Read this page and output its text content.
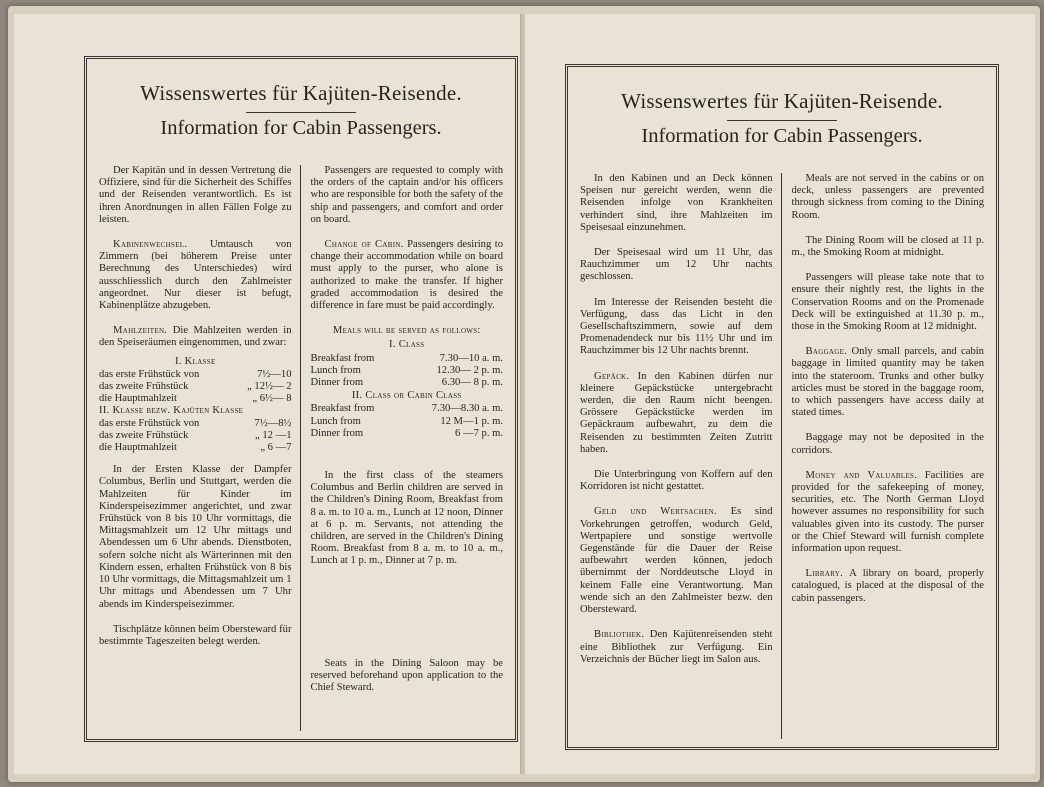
Wissenswertes für Kajüten-Reisende.
Information for Cabin Passengers.

Der Kapitän und in dessen Vertretung die Offiziere, sind für die Sicherheit des Schiffes und der Reisenden verantwortlich. Es ist ihren Anordnungen in allen Fällen Folge zu leisten.

Kabinenwechsel. Umtausch von Zimmern (bei höherem Preise unter Berechnung des Unterschiedes) wird ausschliesslich durch den Zahlmeister angeordnet. Nur dieser ist befugt, Kabinenplätze abzugeben.

Mahlzeiten. Die Mahlzeiten werden in den Speiseräumen eingenommen, und zwar:

I. Klasse
das erste Frühstück von	7½—10
das zweite Frühstück	„ 12½— 2
die Hauptmahlzeit	„ 6½— 8
II. Klasse bezw. Kajüten Klasse
das erste Frühstück von	7½—8½
das zweite Frühstück	„ 12 —1
die Hauptmahlzeit	„ 6 —7

In der Ersten Klasse der Dampfer Columbus, Berlin und Stuttgart, werden die Mahlzeiten für Kinder im Kinderspeisezimmer angerichtet, und zwar Frühstück von 8 bis 10 Uhr vormittags, die Mittagsmahlzeit um 12 Uhr mittags und Abendessen um 6 Uhr abends. Dienstboten, sofern solche nicht als Wärterinnen mit den Kindern essen, erhalten Frühstück von 8 bis 10 Uhr vormittags, die Mittagsmahlzeit um 1 Uhr mittags und Abendessen um 7 Uhr abends im Kinderspeisezimmer.

Tischplätze können beim Obersteward für bestimmte Tageszeiten belegt werden.

Passengers are requested to comply with the orders of the captain and/or his officers who are responsible for both the safety of the ship and passengers, and comfort and order on board.

Change of Cabin. Passengers desiring to change their accommodation while on board must apply to the purser, who alone is authorized to make the transfer. If higher graded accommodation is desired the difference in fare must be paid accordingly.

Meals will be served as follows:
I. Class
Breakfast from	7.30—10 a. m.
Lunch from	12.30— 2 p. m.
Dinner from	6.30— 8 p. m.
II. Class or Cabin Class
Breakfast from	7.30—8.30 a. m.
Lunch from	12 M—1 p. m.
Dinner from	6 —7 p. m.

In the first class of the steamers Columbus and Berlin children are served in the Children's Dining Room, Breakfast from 8 a. m. to 10 a. m., Lunch at 12 noon, Dinner at 6 p. m. Servants, not attending the children, are served in the Children's Dining Room. Breakfast from 8 a. m. to 10 a. m., Lunch at 1 p. m., Dinner at 7 p. m.

Seats in the Dining Saloon may be reserved beforehand upon application to the Chief Steward.

Wissenswertes für Kajüten-Reisende.
Information for Cabin Passengers.

In den Kabinen und an Deck können Speisen nur gereicht werden, wenn die Reisenden infolge von Krankheiten verhindert sind, ihre Mahlzeiten im Speisesaal einzunehmen.

Der Speisesaal wird um 11 Uhr, das Rauchzimmer um 12 Uhr nachts geschlossen.

Im Interesse der Reisenden besteht die Verfügung, dass das Licht in den Gesellschaftszimmern, sowie auf dem Promenadendeck nur bis 11½ Uhr und im Rauchzimmer bis 12 Uhr nachts brennt.

Gepäck. In den Kabinen dürfen nur kleinere Gepäckstücke untergebracht werden, die den Raum nicht beengen. Grössere Gepäckstücke werden im Gepäckraum aufbewahrt, zu dem die Reisenden zu bestimmten Zeiten Zutritt haben.

Die Unterbringung von Koffern auf den Korridoren ist nicht gestattet.

Geld und Wertsachen. Es sind Vorkehrungen getroffen, wodurch Geld, Wertpapiere und sonstige wertvolle Gegenstände für die Dauer der Reise aufbewahrt werden können, jedoch übernimmt der Norddeutsche Lloyd in keinem Falle eine Verantwortung. Man wende sich an den Zahlmeister bezw. den Obersteward.

Bibliothek. Den Kajütenreisenden steht eine Bibliothek zur Verfügung. Ein Verzeichnis der Bücher liegt im Salon aus.

Meals are not served in the cabins or on deck, unless passengers are prevented through sickness from coming to the Dining Room.

The Dining Room will be closed at 11 p. m., the Smoking Room at midnight.

Passengers will please take note that to ensure their nightly rest, the lights in the Conservation Rooms and on the Promenade Deck will be extinguished at 11.30 p. m., those in the Smoking Room at 12 midnight.

Baggage. Only small parcels, and cabin baggage in limited quantity may be taken into the stateroom. Trunks and other bulky articles must be stored in the baggage room, to which passengers have access daily at stated times.

Baggage may not be deposited in the corridors.

Money and Valuables. Facilities are provided for the safekeeping of money, securities, etc. The North German Lloyd however assumes no responsibility for such valuables given into its custody. The purser or the Chief Steward will furnish complete information upon request.

Library. A library on board, properly catalogued, is placed at the disposal of the cabin passengers.
